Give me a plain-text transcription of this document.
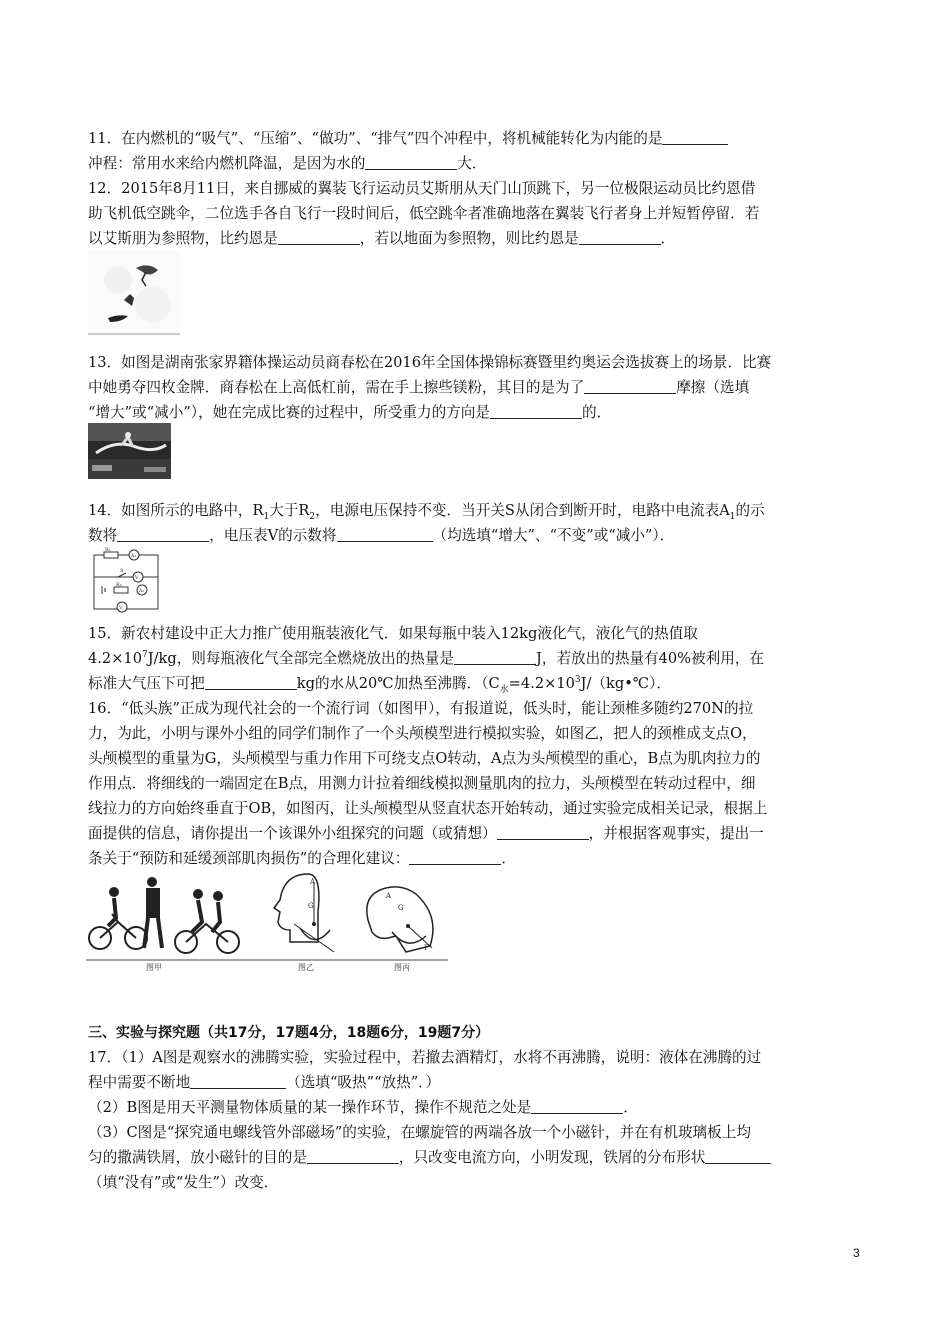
11．在内燃机的“吸气”、“压缩”、“做功”、“排气”四个冲程中，将机械能转化为内能的是
冲程：常用水来给内燃机降温，是因为水的	大．
12．2015年8月11日，来自挪威的翼装飞行运动员艾斯朋从天门山顶跳下，另一位极限运动员比约恩借
助飞机低空跳伞，二位选手各自飞行一段时间后，低空跳伞者准确地落在翼装飞行者身上并短暂停留．若
以艾斯朋为参照物，比约恩是	，若以地面为参照物，则比约恩是	．
13．如图是湖南张家界籍体操运动员商春松在2016年全国体操锦标赛暨里约奥运会选拔赛上的场景．比赛
中她勇夺四枚金牌．商春松在上高低杠前，需在手上擦些镁粉，其目的是为了	摩擦（选填
“增大”或“减小”），她在完成比赛的过程中，所受重力的方向是	的．
14．如图所示的电路中，$R_1$大于$R_2$，电源电压保持不变．当开关S从闭合到断开时，电路中电流表$A_1$的示
数将	，电压表V的示数将	（均选填“增大”、“不变”或“减小”）．
R₁
A₁
S
V
R₂
A₂
V
15．新农村建设中正大力推广使用瓶装液化气．如果每瓶中装入12kg液化气，液化气的热值取
$4.2\times 10^7J/kg$，则每瓶液化气全部完全燃烧放出的热量是	J，若放出的热量有40%被利用，在
标准大气压下可把	kg的水从20℃加热至沸腾．（$C_水=4.2\times 10^3J/(kg•℃)$．
16．“低头族”正成为现代社会的一个流行词（如图甲），有报道说，低头时，能让颈椎多随约270N的拉
力，为此，小明与课外小组的同学们制作了一个头颅模型进行模拟实验，如图乙，把人的颈椎成支点O，
头颅模型的重量为G，头颅模型与重力作用下可绕支点O转动，A点为头颅模型的重心，B点为肌肉拉力的
作用点．将细线的一端固定在B点，用测力计拉着细线模拟测量肌肉的拉力，头颅模型在转动过程中，细
线拉力的方向始终垂直于OB，如图丙，让头颅模型从竖直状态开始转动，通过实验完成相关记录，根据上
面提供的信息，请你提出一个该课外小组探究的问题（或猜想）	，并根据客观事实，提出一
条关于“预防和延缓颈部肌肉损伤”的合理化建议：	．
G
A
G
A
F
图甲	图乙	图丙
三、实验与探究题（共17分，17题4分，18题6分，19题7分）
17．（1）A图是观察水的沸腾实验，实验过程中，若撤去酒精灯，水将不再沸腾，说明：液体在沸腾的过
程中需要不断地	（选填“吸热”“放热”．）
（2）B图是用天平测量物体质量的某一操作环节，操作不规范之处是	．
（3）C图是“探究通电螺线管外部磁场”的实验，在螺旋管的两端各放一个小磁针，并在有机玻璃板上均
匀的撒满铁屑，放小磁针的目的是	，只改变电流方向，小明发现，铁屑的分布形状
（填“没有”或“发生”）改变．
3
